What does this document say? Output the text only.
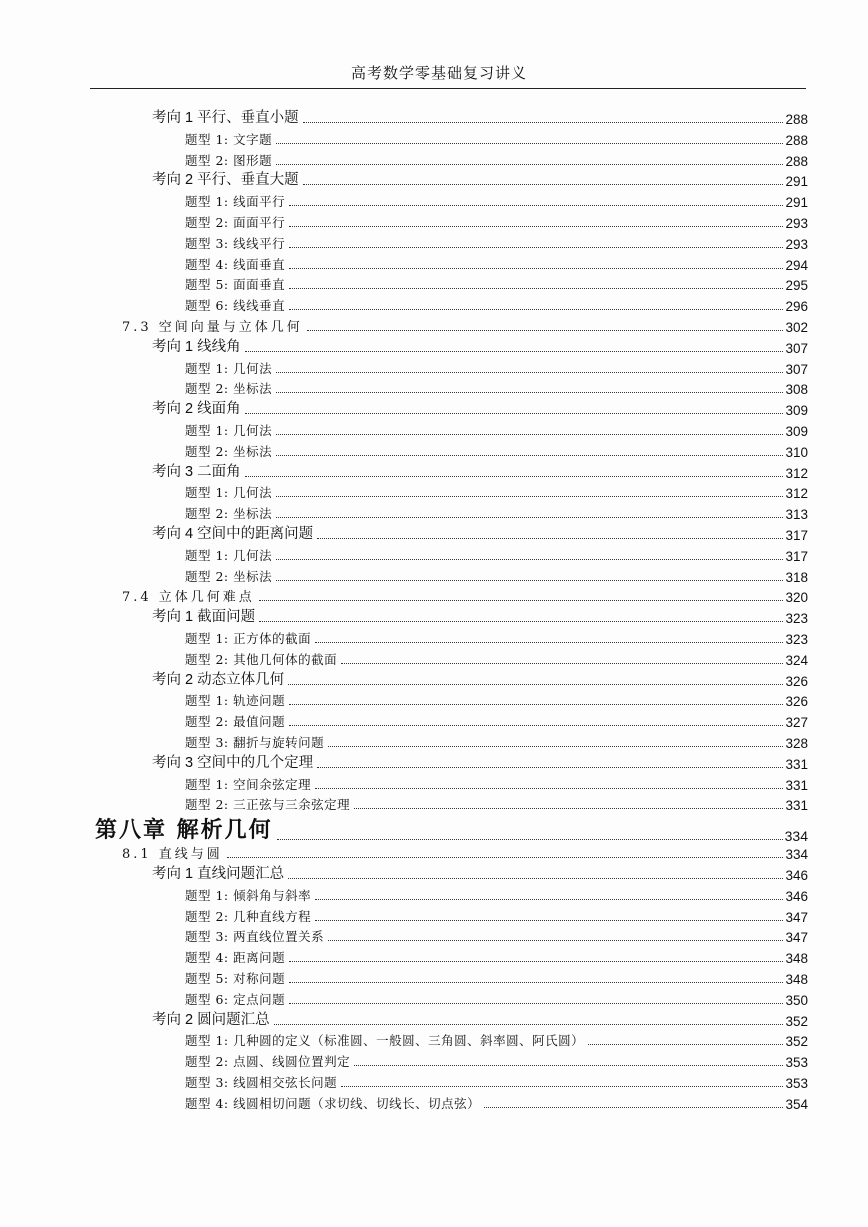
高考数学零基础复习讲义
考向 1 平行、垂直小题	288
题型 1: 文字题	288
题型 2: 图形题	288
考向 2 平行、垂直大题	291
题型 1: 线面平行	291
题型 2: 面面平行	293
题型 3: 线线平行	293
题型 4: 线面垂直	294
题型 5: 面面垂直	295
题型 6: 线线垂直	296
7.3 空间向量与立体几何	302
考向 1 线线角	307
题型 1: 几何法	307
题型 2: 坐标法	308
考向 2 线面角	309
题型 1: 几何法	309
题型 2: 坐标法	310
考向 3 二面角	312
题型 1: 几何法	312
题型 2: 坐标法	313
考向 4 空间中的距离问题	317
题型 1: 几何法	317
题型 2: 坐标法	318
7.4 立体几何难点	320
考向 1 截面问题	323
题型 1: 正方体的截面	323
题型 2: 其他几何体的截面	324
考向 2 动态立体几何	326
题型 1: 轨迹问题	326
题型 2: 最值问题	327
题型 3: 翻折与旋转问题	328
考向 3 空间中的几个定理	331
题型 1: 空间余弦定理	331
题型 2: 三正弦与三余弦定理	331
第八章 解析几何	334
8.1 直线与圆	334
考向 1 直线问题汇总	346
题型 1: 倾斜角与斜率	346
题型 2: 几种直线方程	347
题型 3: 两直线位置关系	347
题型 4: 距离问题	348
题型 5: 对称问题	348
题型 6: 定点问题	350
考向 2 圆问题汇总	352
题型 1: 几种圆的定义（标准圆、一般圆、三角圆、斜率圆、阿氏圆）	352
题型 2: 点圆、线圆位置判定	353
题型 3: 线圆相交弦长问题	353
题型 4: 线圆相切问题（求切线、切线长、切点弦）	354
